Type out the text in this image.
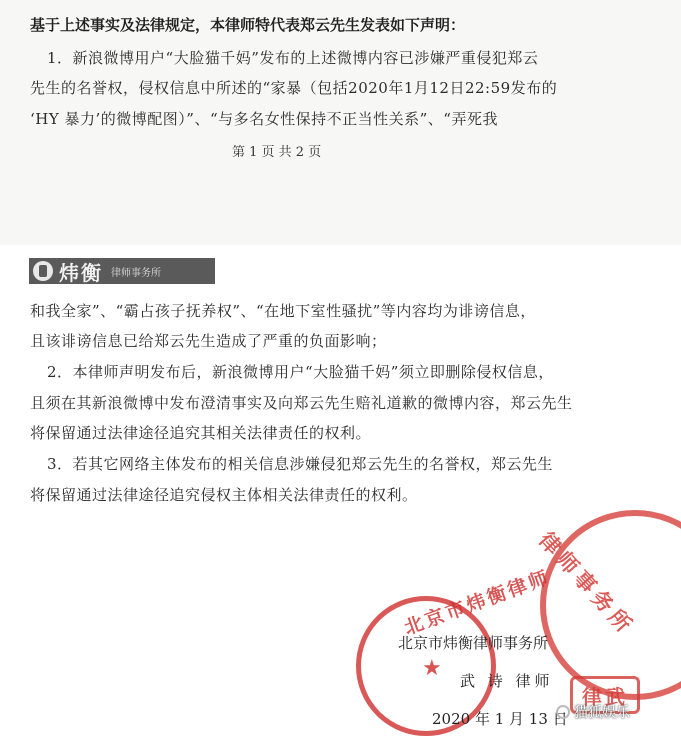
基于上述事实及法律规定，本律师特代表郑云先生发表如下声明：
1．新浪微博用户“大脸猫千妈”发布的上述微博内容已涉嫌严重侵犯郑云
先生的名誉权，侵权信息中所述的“家暴（包括2020年1月12日22:59发布的
‘HY 暴力’的微博配图）”、“与多名女性保持不正当性关系”、“弄死我
第 1 页 共 2 页
炜衡 律师事务所
和我全家”、“霸占孩子抚养权”、“在地下室性骚扰”等内容均为诽谤信息，
且该诽谤信息已给郑云先生造成了严重的负面影响；
2．本律师声明发布后，新浪微博用户“大脸猫千妈”须立即删除侵权信息，
且须在其新浪微博中发布澄清事实及向郑云先生赔礼道歉的微博内容，郑云先生
将保留通过法律途径追究其相关法律责任的权利。
3．若其它网络主体发布的相关信息涉嫌侵犯郑云先生的名誉权，郑云先生
将保留通过法律途径追究侵权主体相关法律责任的权利。
律师事务所
北京市炜衡律师
★
北京市炜衡律师事务所
武 诗 律师
律武
2020 年 1 月 13 日 猫狐娱乐
